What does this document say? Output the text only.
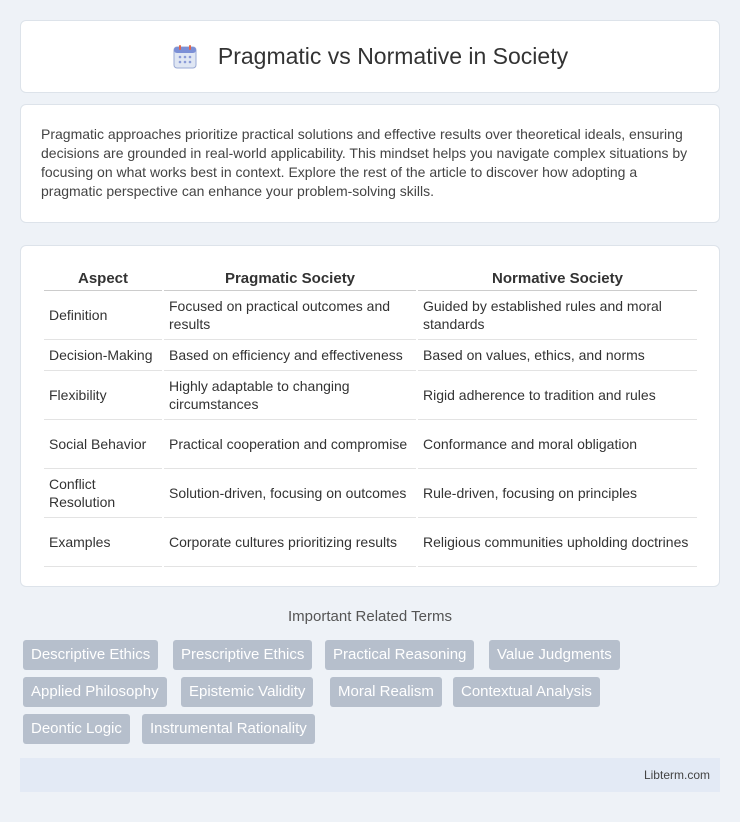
Pragmatic vs Normative in Society

Pragmatic approaches prioritize practical solutions and effective results over theoretical ideals, ensuring decisions are grounded in real-world applicability. This mindset helps you navigate complex situations by focusing on what works best in context. Explore the rest of the article to discover how adopting a pragmatic perspective can enhance your problem-solving skills.

Aspect	Pragmatic Society	Normative Society
Definition	Focused on practical outcomes and results	Guided by established rules and moral standards
Decision-Making	Based on efficiency and effectiveness	Based on values, ethics, and norms
Flexibility	Highly adaptable to changing circumstances	Rigid adherence to tradition and rules
Social Behavior	Practical cooperation and compromise	Conformance and moral obligation
Conflict Resolution	Solution-driven, focusing on outcomes	Rule-driven, focusing on principles
Examples	Corporate cultures prioritizing results	Religious communities upholding doctrines
Important Related Terms
Descriptive Ethics	Prescriptive Ethics	Practical Reasoning	Value Judgments
Applied Philosophy	Epistemic Validity	Moral Realism	Contextual Analysis
Deontic Logic	Instrumental Rationality
Libterm.com
